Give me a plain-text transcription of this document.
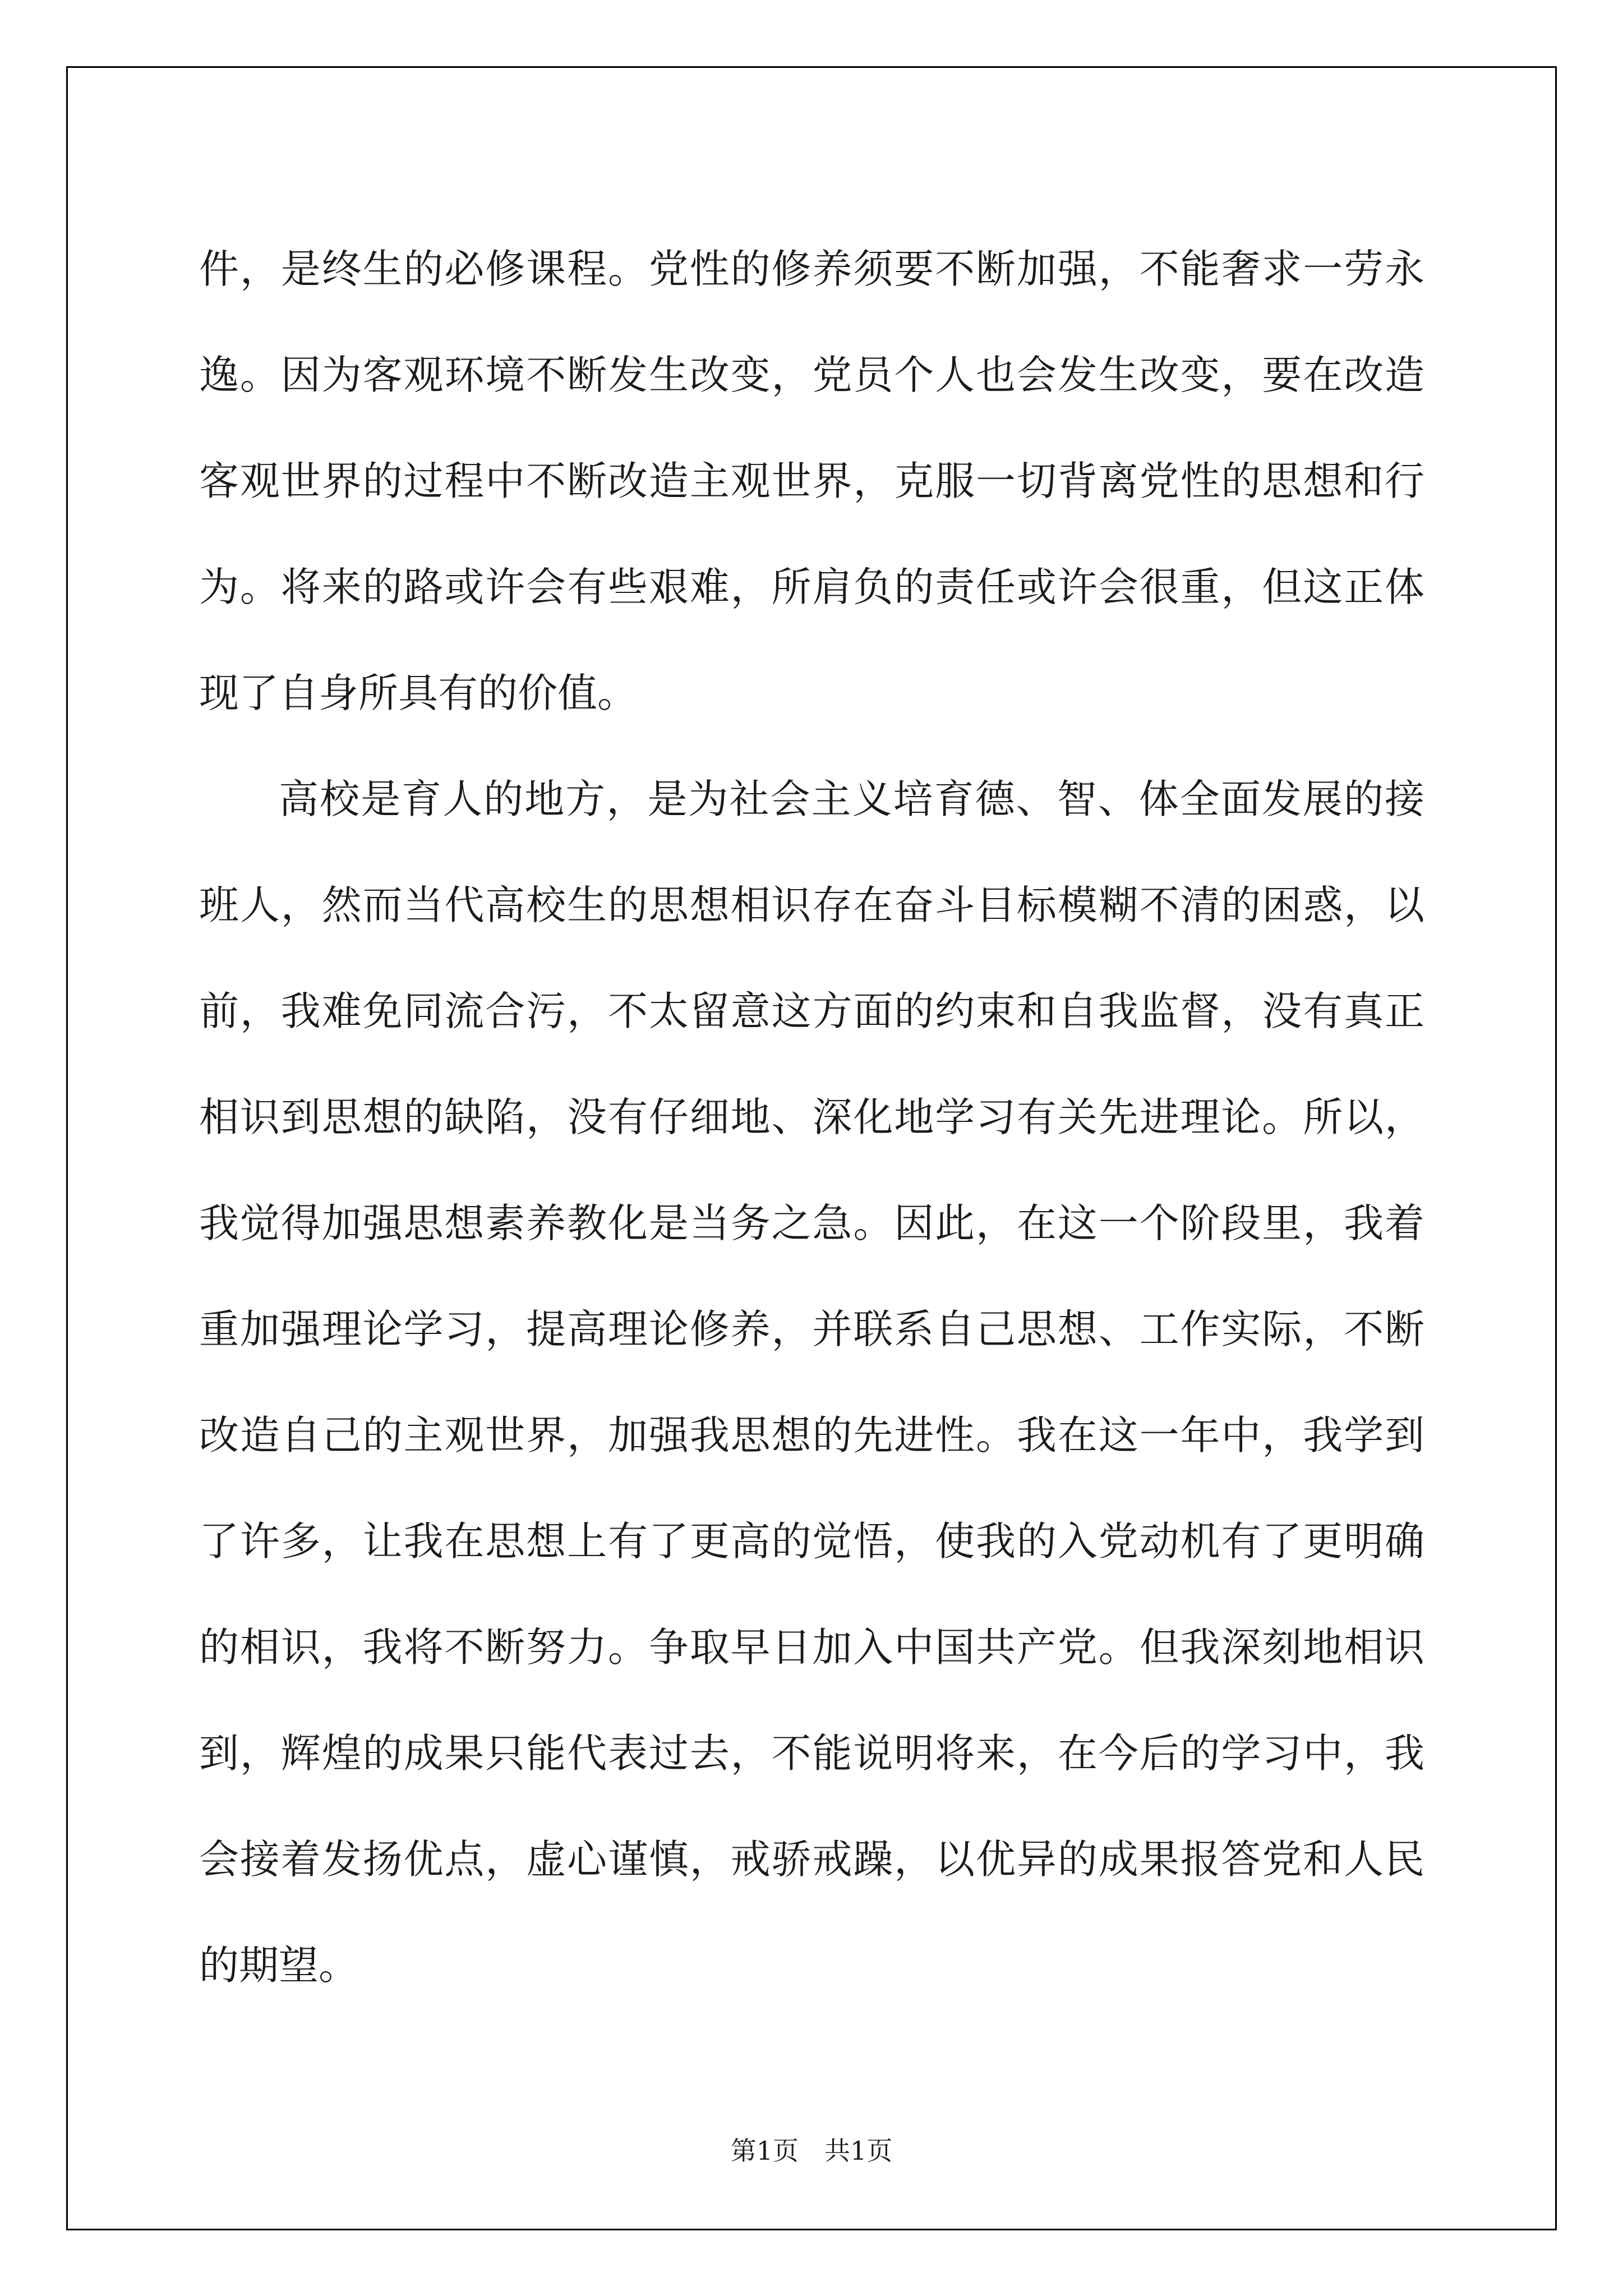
件，是终生的必修课程。党性的修养须要不断加强，不能奢求一劳永
逸。因为客观环境不断发生改变，党员个人也会发生改变，要在改造
客观世界的过程中不断改造主观世界，克服一切背离党性的思想和行
为。将来的路或许会有些艰难，所肩负的责任或许会很重，但这正体
现了自身所具有的价值。
高校是育人的地方，是为社会主义培育德、智、体全面发展的接
班人，然而当代高校生的思想相识存在奋斗目标模糊不清的困惑，以
前，我难免同流合污，不太留意这方面的约束和自我监督，没有真正
相识到思想的缺陷，没有仔细地、深化地学习有关先进理论。所以，
我觉得加强思想素养教化是当务之急。因此，在这一个阶段里，我着
重加强理论学习，提高理论修养，并联系自己思想、工作实际，不断
改造自己的主观世界，加强我思想的先进性。我在这一年中，我学到
了许多，让我在思想上有了更高的觉悟，使我的入党动机有了更明确
的相识，我将不断努力。争取早日加入中国共产党。但我深刻地相识
到，辉煌的成果只能代表过去，不能说明将来，在今后的学习中，我
会接着发扬优点，虚心谨慎，戒骄戒躁，以优异的成果报答党和人民
的期望。
第1页 共1页
